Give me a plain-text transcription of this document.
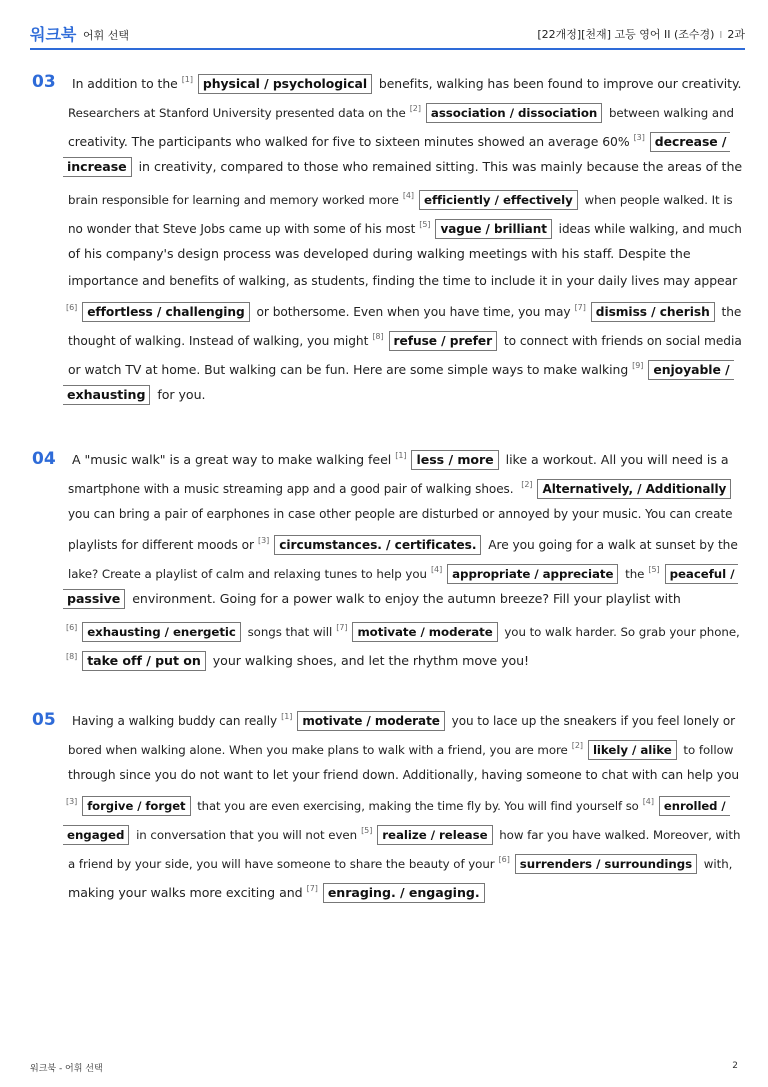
워크북 어휘 선택	[22개정][천재] 고등 영어 II (조수경) I 2과
03 In addition to the [1] physical / psychological benefits, walking has been found to improve our creativity.
Researchers at Stanford University presented data on the [2] association / dissociation between walking and
creativity. The participants who walked for five to sixteen minutes showed an average 60% [3] decrease /
increase in creativity, compared to those who remained sitting. This was mainly because the areas of the
brain responsible for learning and memory worked more [4] efficiently / effectively when people walked. It is
no wonder that Steve Jobs came up with some of his most [5] vague / brilliant ideas while walking, and much
of his company's design process was developed during walking meetings with his staff. Despite the
importance and benefits of walking, as students, finding the time to include it in your daily lives may appear
[6] effortless / challenging or bothersome. Even when you have time, you may [7] dismiss / cherish the
thought of walking. Instead of walking, you might [8] refuse / prefer to connect with friends on social media
or watch TV at home. But walking can be fun. Here are some simple ways to make walking [9] enjoyable /
exhausting for you.
04 A "music walk" is a great way to make walking feel [1] less / more like a workout. All you will need is a
smartphone with a music streaming app and a good pair of walking shoes. [2] Alternatively, / Additionally
you can bring a pair of earphones in case other people are disturbed or annoyed by your music. You can create
playlists for different moods or [3] circumstances. / certificates. Are you going for a walk at sunset by the
lake? Create a playlist of calm and relaxing tunes to help you [4] appropriate / appreciate the [5] peaceful /
passive environment. Going for a power walk to enjoy the autumn breeze? Fill your playlist with
[6] exhausting / energetic songs that will [7] motivate / moderate you to walk harder. So grab your phone,
[8] take off / put on your walking shoes, and let the rhythm move you!
05 Having a walking buddy can really [1] motivate / moderate you to lace up the sneakers if you feel lonely or
bored when walking alone. When you make plans to walk with a friend, you are more [2] likely / alike to follow
through since you do not want to let your friend down. Additionally, having someone to chat with can help you
[3] forgive / forget that you are even exercising, making the time fly by. You will find yourself so [4] enrolled /
engaged in conversation that you will not even [5] realize / release how far you have walked. Moreover, with
a friend by your side, you will have someone to share the beauty of your [6] surrenders / surroundings with,
making your walks more exciting and [7] enraging. / engaging.
워크북 - 어휘 선택	2
